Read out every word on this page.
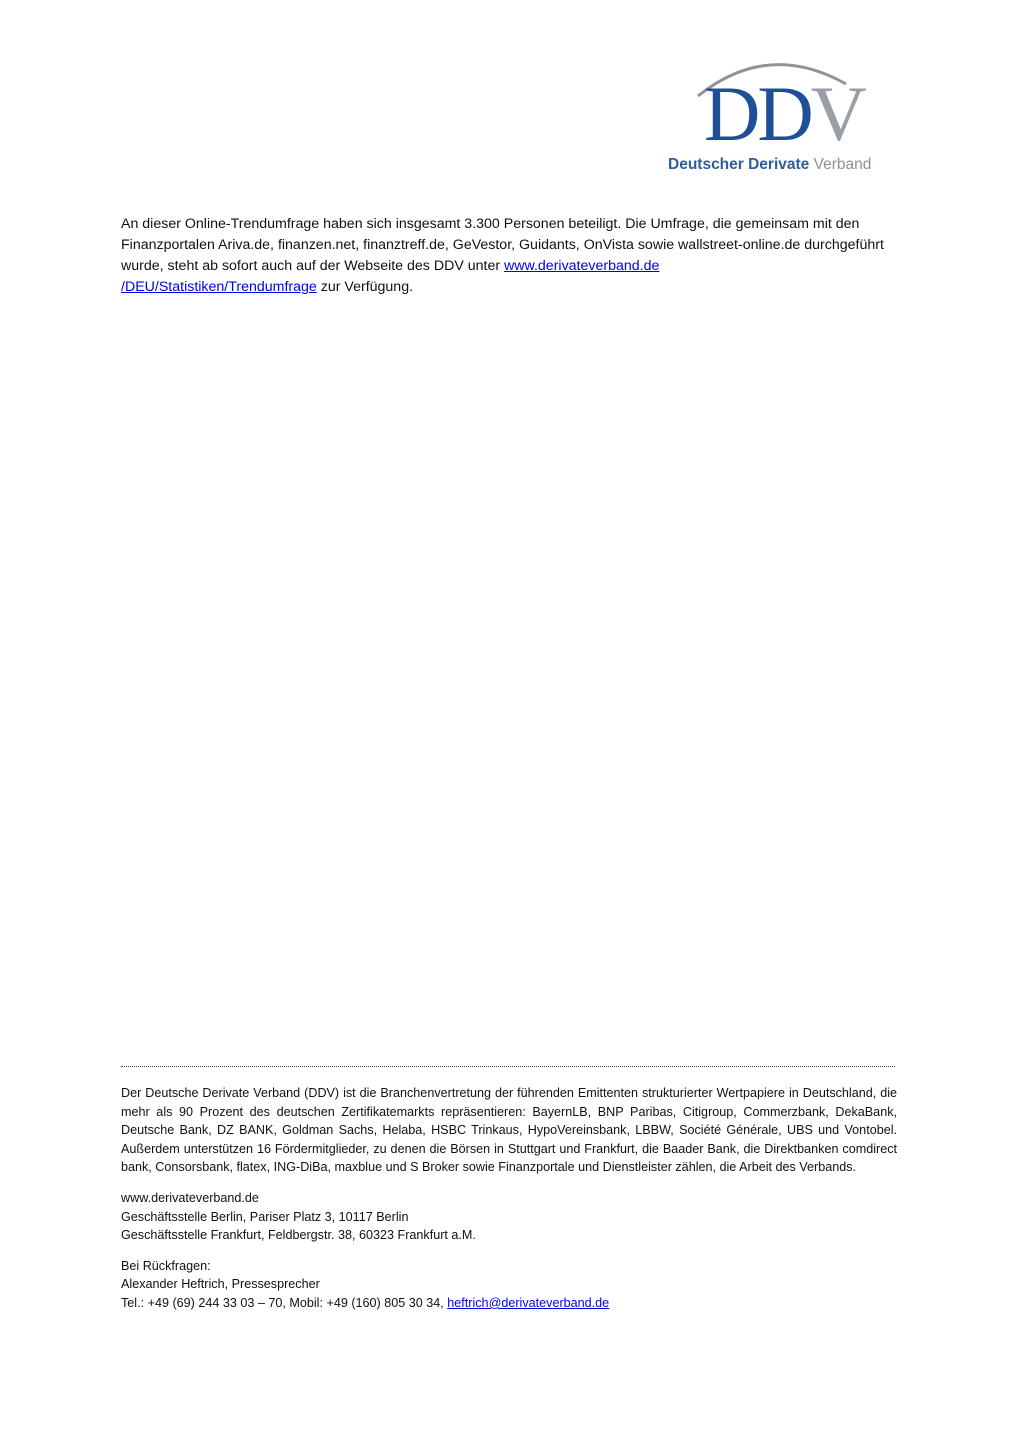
DDV
Deutscher Derivate Verband

An dieser Online-Trendumfrage haben sich insgesamt 3.300 Personen beteiligt. Die Umfrage, die gemeinsam mit den Finanzportalen Ariva.de, finanzen.net, finanztreff.de, GeVestor, Guidants, OnVista sowie wallstreet-online.de durchgeführt wurde, steht ab sofort auch auf der Webseite des DDV unter www.derivateverband.de
/DEU/Statistiken/Trendumfrage zur Verfügung.

Der Deutsche Derivate Verband (DDV) ist die Branchenvertretung der führenden Emittenten strukturierter Wertpapiere in Deutschland, die mehr als 90 Prozent des deutschen Zertifikatemarkts repräsentieren: BayernLB, BNP Paribas, Citigroup, Commerzbank, DekaBank, Deutsche Bank, DZ BANK, Goldman Sachs, Helaba, HSBC Trinkaus, HypoVereinsbank, LBBW, Société Générale, UBS und Vontobel. Außerdem unterstützen 16 Fördermitglieder, zu denen die Börsen in Stuttgart und Frankfurt, die Baader Bank, die Direktbanken comdirect bank, Consorsbank, flatex, ING-DiBa, maxblue und S Broker sowie Finanzportale und Dienstleister zählen, die Arbeit des Verbands.

www.derivateverband.de
Geschäftsstelle Berlin, Pariser Platz 3, 10117 Berlin
Geschäftsstelle Frankfurt, Feldbergstr. 38, 60323 Frankfurt a.M.

Bei Rückfragen:
Alexander Heftrich, Pressesprecher
Tel.: +49 (69) 244 33 03 – 70, Mobil: +49 (160) 805 30 34, heftrich@derivateverband.de
